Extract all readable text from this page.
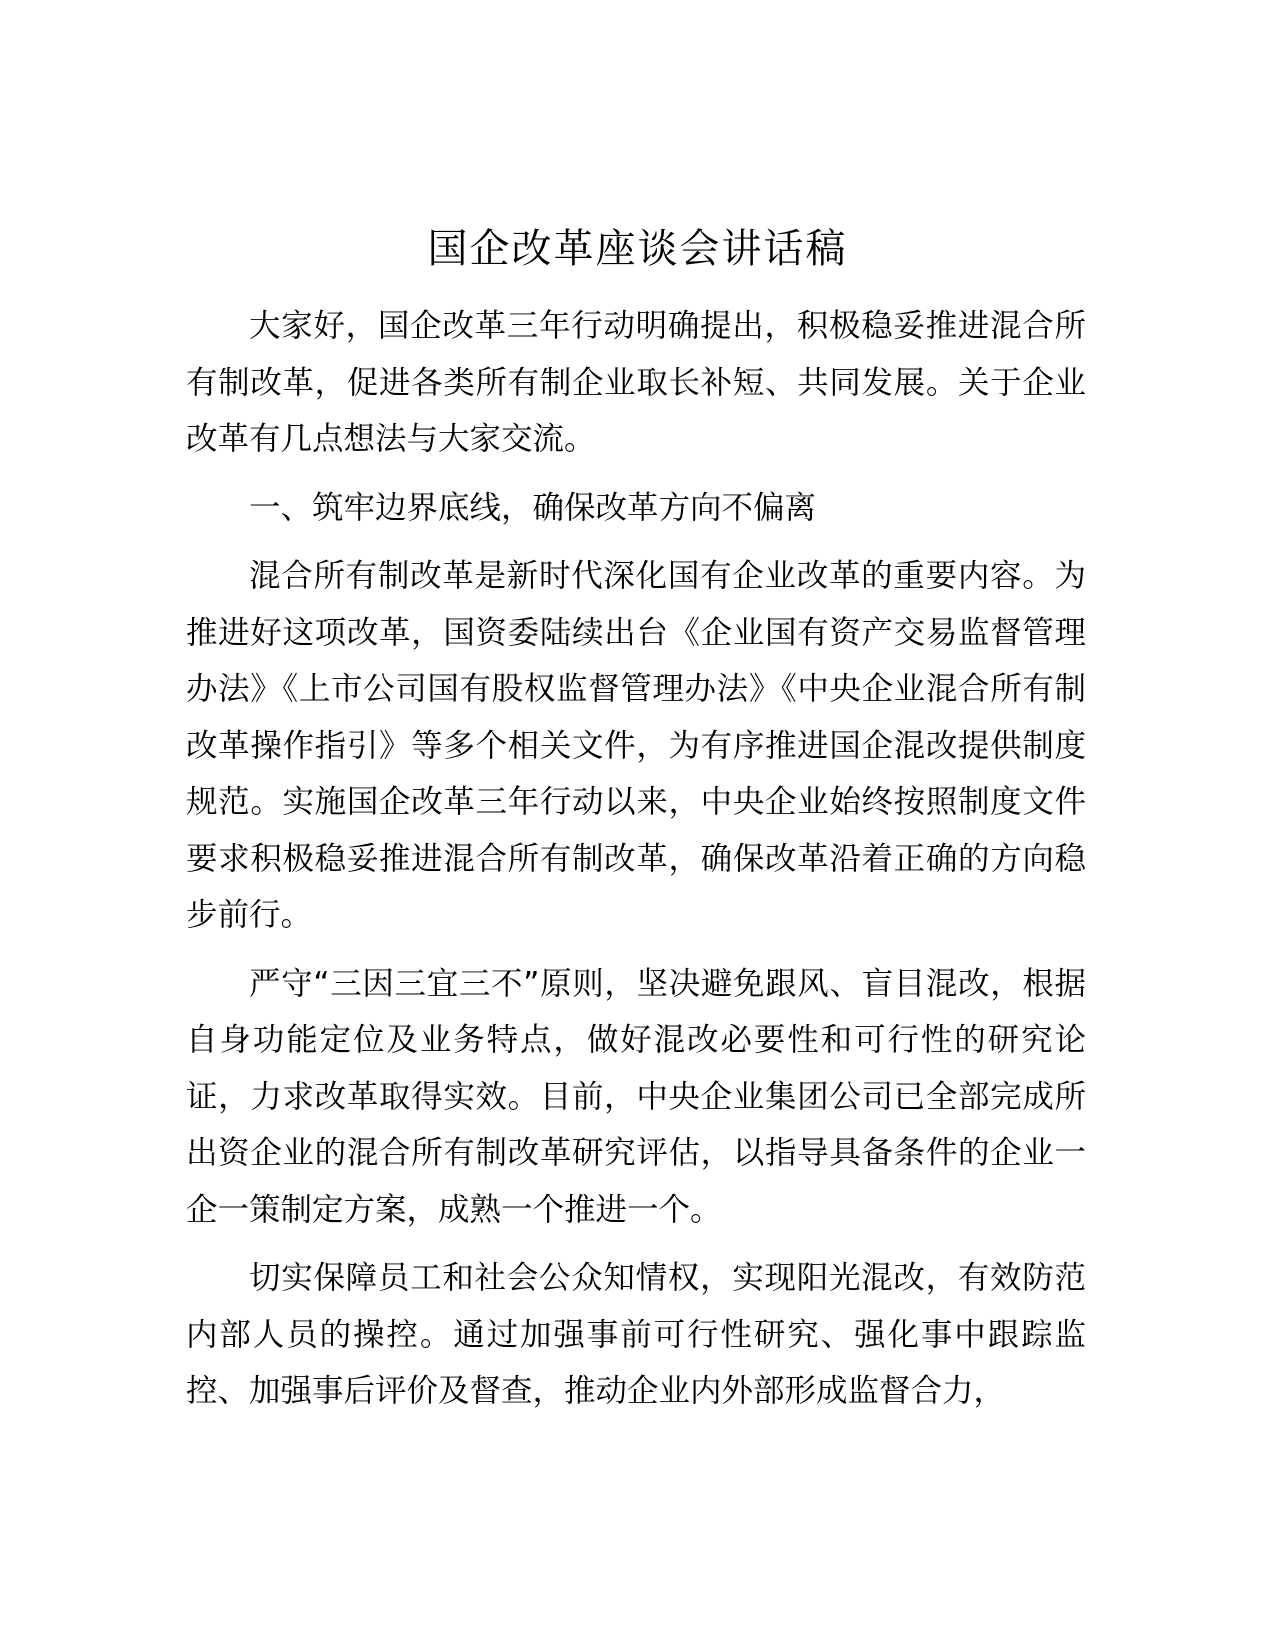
国企改革座谈会讲话稿

大家好，国企改革三年行动明确提出，积极稳妥推进混合所有制改革，促进各类所有制企业取长补短、共同发展。关于企业改革有几点想法与大家交流。

一、筑牢边界底线，确保改革方向不偏离

混合所有制改革是新时代深化国有企业改革的重要内容。为推进好这项改革，国资委陆续出台《企业国有资产交易监督管理办法》《上市公司国有股权监督管理办法》《中央企业混合所有制改革操作指引》等多个相关文件，为有序推进国企混改提供制度规范。实施国企改革三年行动以来，中央企业始终按照制度文件要求积极稳妥推进混合所有制改革，确保改革沿着正确的方向稳步前行。

严守“三因三宜三不”原则，坚决避免跟风、盲目混改，根据自身功能定位及业务特点，做好混改必要性和可行性的研究论证，力求改革取得实效。目前，中央企业集团公司已全部完成所出资企业的混合所有制改革研究评估，以指导具备条件的企业一企一策制定方案，成熟一个推进一个。

切实保障员工和社会公众知情权，实现阳光混改，有效防范内部人员的操控。通过加强事前可行性研究、强化事中跟踪监控、加强事后评价及督查，推动企业内外部形成监督合力，
